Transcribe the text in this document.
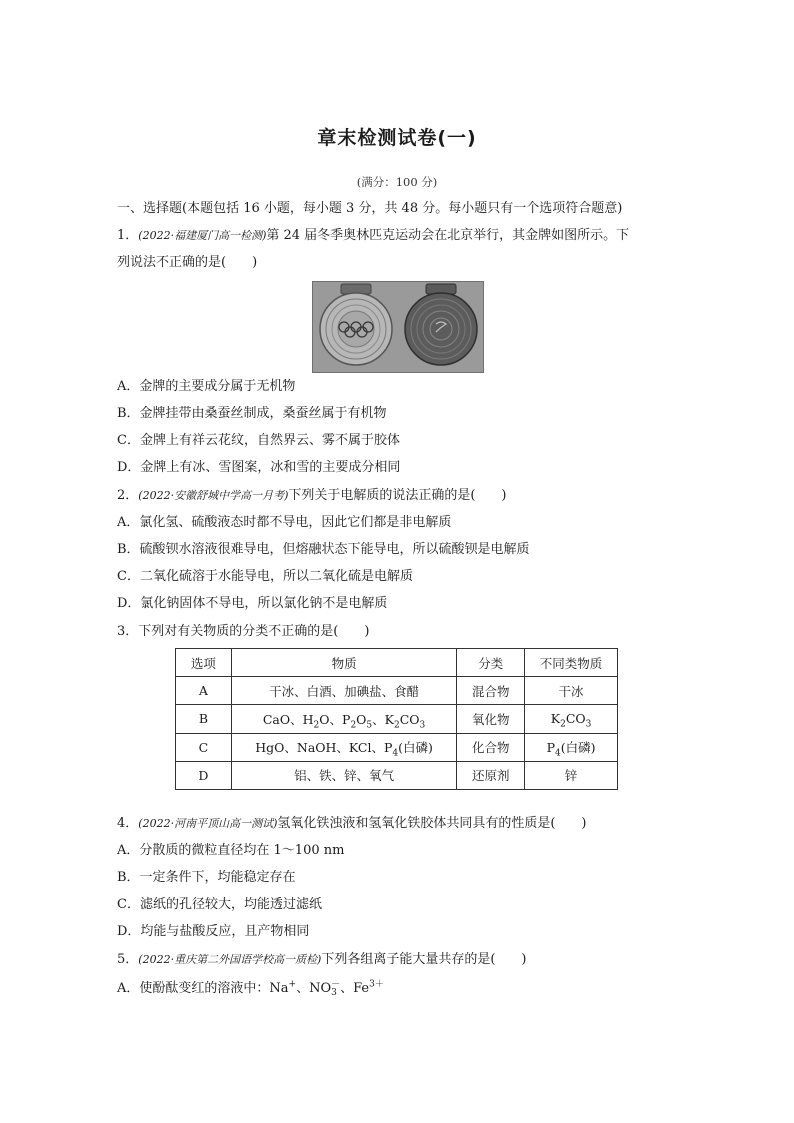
章末检测试卷(一)
(满分：100 分)
一、选择题(本题包括 16 小题，每小题 3 分，共 48 分。每小题只有一个选项符合题意)
1．(2022·福建厦门高一检测)第 24 届冬季奥林匹克运动会在北京举行，其金牌如图所示。下
列说法不正确的是(　　)
A．金牌的主要成分属于无机物
B．金牌挂带由桑蚕丝制成，桑蚕丝属于有机物
C．金牌上有祥云花纹，自然界云、雾不属于胶体
D．金牌上有冰、雪图案，冰和雪的主要成分相同
2．(2022·安徽舒城中学高一月考)下列关于电解质的说法正确的是(　　)
A．氯化氢、硫酸液态时都不导电，因此它们都是非电解质
B．硫酸钡水溶液很难导电，但熔融状态下能导电，所以硫酸钡是电解质
C．二氧化硫溶于水能导电，所以二氧化硫是电解质
D．氯化钠固体不导电，所以氯化钠不是电解质
3．下列对有关物质的分类不正确的是(　　)
选项	物质	分类	不同类物质
A	干冰、白酒、加碘盐、食醋	混合物	干冰
B	CaO、$H_2O$、$P_2O_5$、$K_2CO_3$	氧化物	$K_2CO_3$
C	HgO、NaOH、KCl、$P_4$(白磷)	化合物	$P_4$(白磷)
D	铝、铁、锌、氧气	还原剂	锌
4．(2022·河南平顶山高一测试)氢氧化铁浊液和氢氧化铁胶体共同具有的性质是(　　)
A．分散质的微粒直径均在 1～100 nm
B．一定条件下，均能稳定存在
C．滤纸的孔径较大，均能透过滤纸
D．均能与盐酸反应，且产物相同
5．(2022·重庆第二外国语学校高一质检)下列各组离子能大量共存的是(　　)
A．使酚酞变红的溶液中：Na+、NO －
3 、$Fe^{3+}$
